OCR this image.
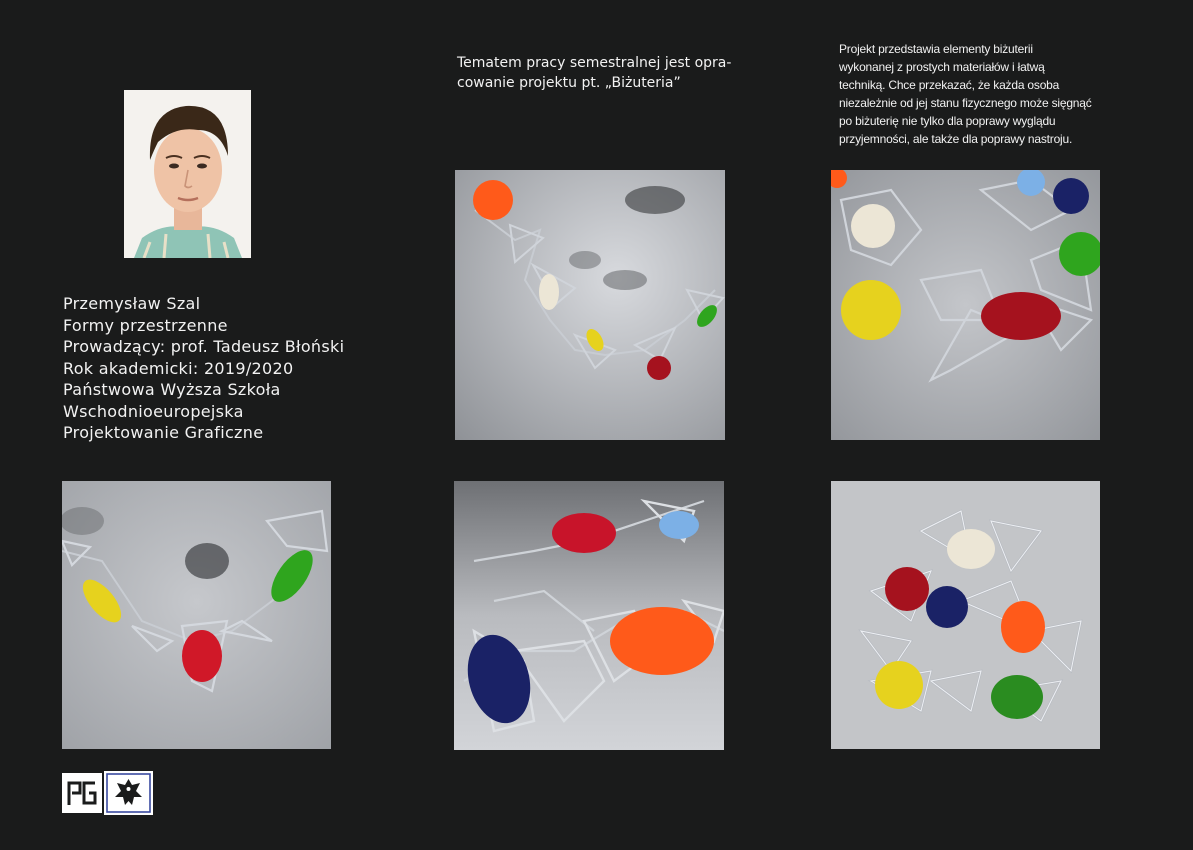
Przemysław Szal
Formy przestrzenne
Prowadzący: prof. Tadeusz Błoński
Rok akademicki: 2019/2020
Państwowa Wyższa Szkoła
Wschodnioeuropejska
Projektowanie Graficzne
Tematem pracy semestralnej jest opra-
cowanie projektu pt. „Biżuteria”
Projekt przedstawia elementy biżuterii
wykonanej z prostych materiałów i łatwą
techniką. Chce przekazać, że każda osoba
niezależnie od jej stanu fizycznego może sięgnąć
po biżuterię nie tylko dla poprawy wyglądu
przyjemności, ale także dla poprawy nastroju.
